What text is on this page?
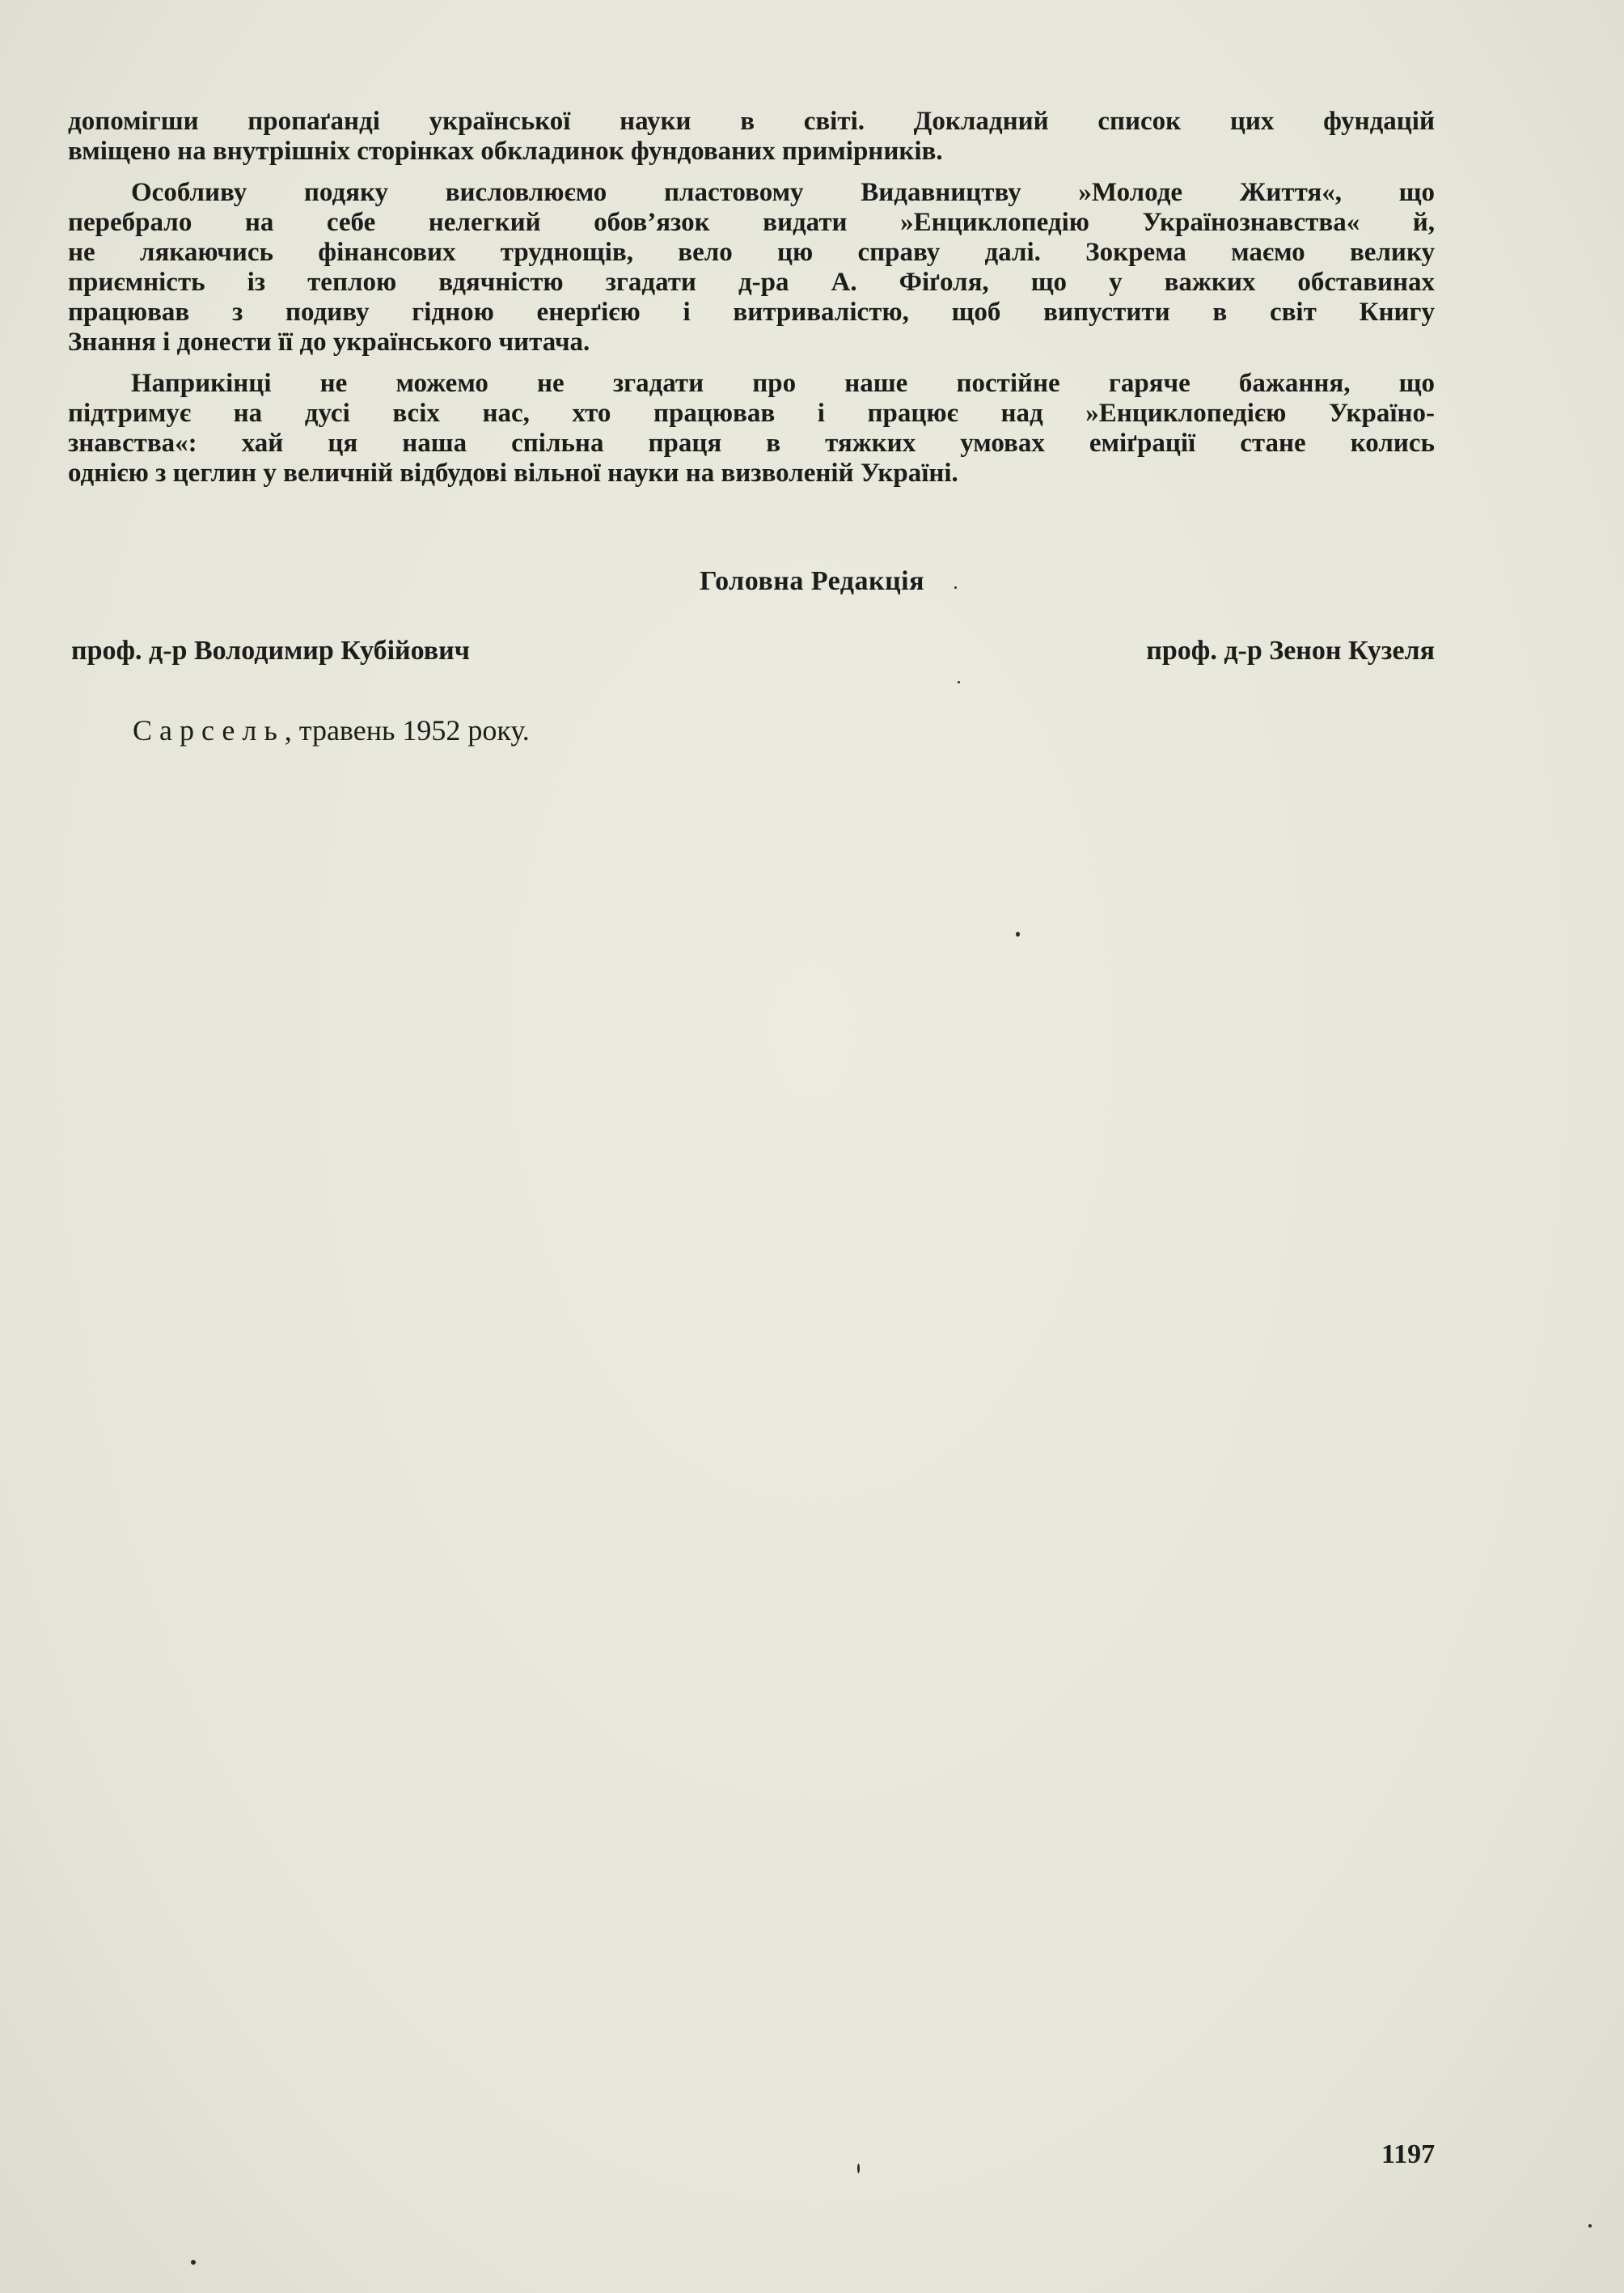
допомігши пропаґанді української науки в світі. Докладний список цих фундацій
вміщено на внутрішніх сторінках обкладинок фундованих примірників.
Особливу подяку висловлюємо пластовому Видавництву »Молоде Життя«, що
перебрало на себе нелегкий обов’язок видати »Енциклопедію Українознавства« й,
не лякаючись фінансових труднощів, вело цю справу далі. Зокрема маємо велику
приємність із теплою вдячністю згадати д-ра А. Фіґоля, що у важких обставинах
працював з подиву гідною енерґією і витривалістю, щоб випустити в світ Книгу
Знання і донести її до українського читача.
Наприкінці не можемо не згадати про наше постійне гаряче бажання, що
підтримує на дусі всіх нас, хто працював і працює над »Енциклопедією Україно-
знавства«: хай ця наша спільна праця в тяжких умовах еміґрації стане колись
однією з цеглин у величній відбудові вільної науки на визволеній Україні.
Головна Редакція
проф. д-р Володимир Кубійович	проф. д-р Зенон Кузеля
Сарсель, травень 1952 року.
1197
